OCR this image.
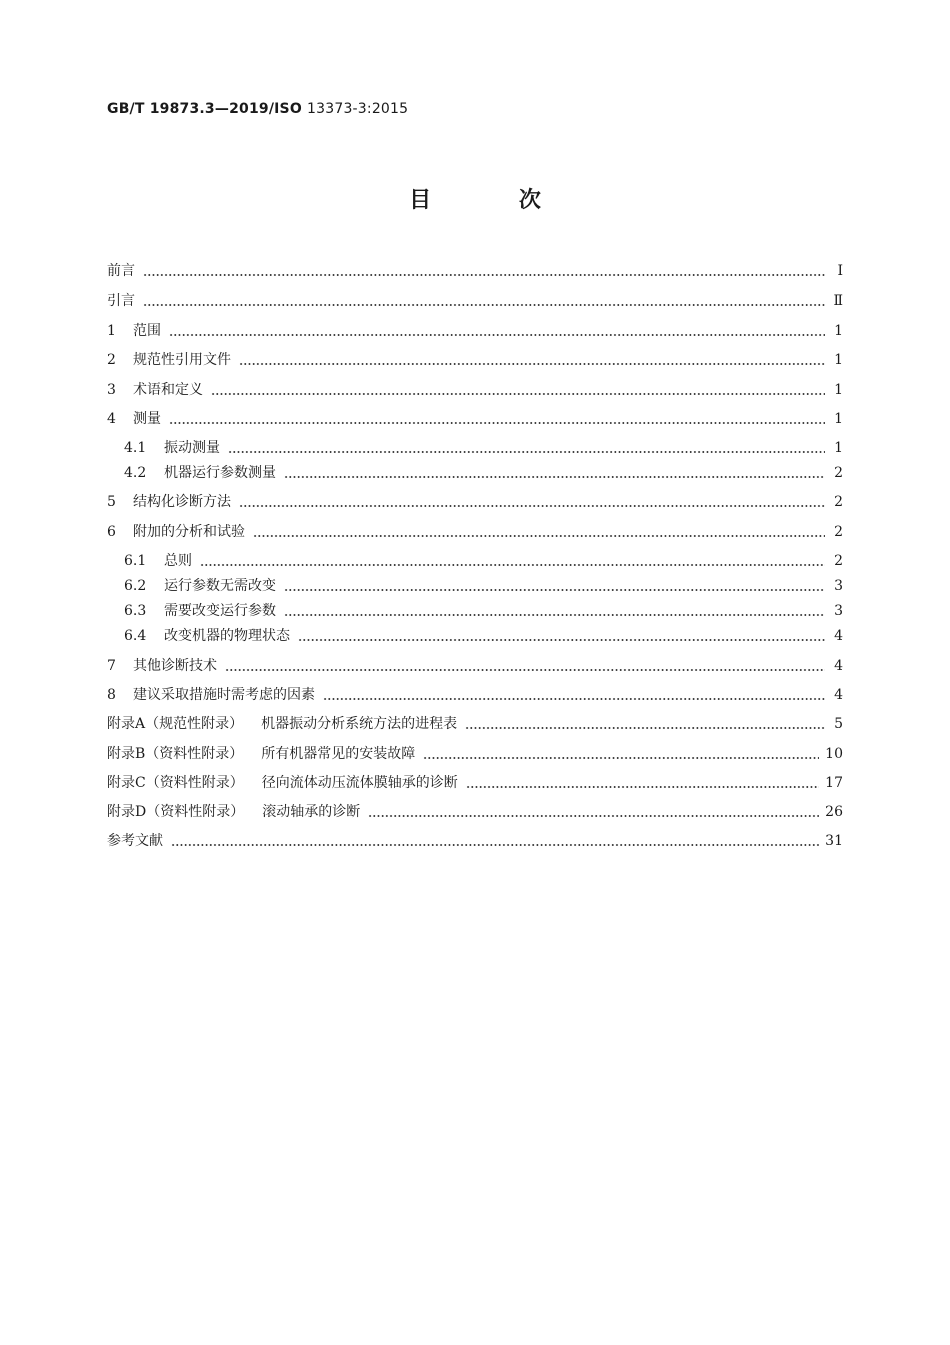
GB/T 19873.3—2019/ISO 13373-3:2015
目 次
前言	Ⅰ
引言	Ⅱ
1 范围	1
2 规范性引用文件	1
3 术语和定义	1
4 测量	1
4.1 振动测量	1
4.2 机器运行参数测量	2
5 结构化诊断方法	2
6 附加的分析和试验	2
6.1 总则	2
6.2 运行参数无需改变	3
6.3 需要改变运行参数	3
6.4 改变机器的物理状态	4
7 其他诊断技术	4
8 建议采取措施时需考虑的因素	4
附录A（规范性附录） 机器振动分析系统方法的进程表	5
附录B（资料性附录） 所有机器常见的安装故障	10
附录C（资料性附录） 径向流体动压流体膜轴承的诊断	17
附录D（资料性附录） 滚动轴承的诊断	26
参考文献	31
